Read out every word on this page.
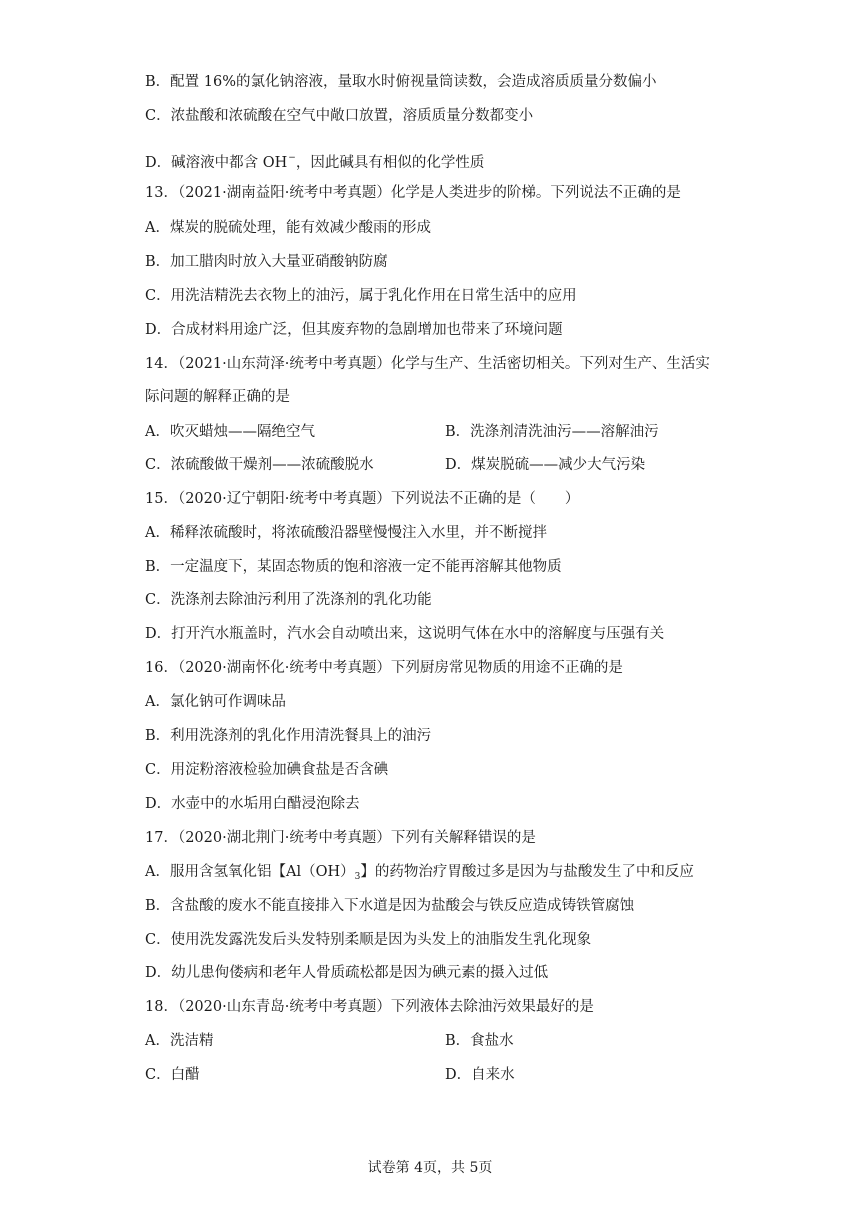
B．配置 16%的氯化钠溶液，量取水时俯视量筒读数，会造成溶质质量分数偏小
C．浓盐酸和浓硫酸在空气中敞口放置，溶质质量分数都变小
D．碱溶液中都含 OH−，因此碱具有相似的化学性质
13．（2021·湖南益阳·统考中考真题）化学是人类进步的阶梯。下列说法不正确的是
A．煤炭的脱硫处理，能有效减少酸雨的形成
B．加工腊肉时放入大量亚硝酸钠防腐
C．用洗洁精洗去衣物上的油污，属于乳化作用在日常生活中的应用
D．合成材料用途广泛，但其废弃物的急剧增加也带来了环境问题
14．（2021·山东菏泽·统考中考真题）化学与生产、生活密切相关。下列对生产、生活实
际问题的解释正确的是
A．吹灭蜡烛——隔绝空气	B．洗涤剂清洗油污——溶解油污
C．浓硫酸做干燥剂——浓硫酸脱水	D．煤炭脱硫——减少大气污染
15．（2020·辽宁朝阳·统考中考真题）下列说法不正确的是（　　）
A．稀释浓硫酸时，将浓硫酸沿器壁慢慢注入水里，并不断搅拌
B．一定温度下，某固态物质的饱和溶液一定不能再溶解其他物质
C．洗涤剂去除油污利用了洗涤剂的乳化功能
D．打开汽水瓶盖时，汽水会自动喷出来，这说明气体在水中的溶解度与压强有关
16．（2020·湖南怀化·统考中考真题）下列厨房常见物质的用途不正确的是
A．氯化钠可作调味品
B．利用洗涤剂的乳化作用清洗餐具上的油污
C．用淀粉溶液检验加碘食盐是否含碘
D．水壶中的水垢用白醋浸泡除去
17．（2020·湖北荆门·统考中考真题）下列有关解释错误的是
A．服用含氢氧化铝【$Al(OH)_3$】的药物治疗胃酸过多是因为与盐酸发生了中和反应
B．含盐酸的废水不能直接排入下水道是因为盐酸会与铁反应造成铸铁管腐蚀
C．使用洗发露洗发后头发特别柔顺是因为头发上的油脂发生乳化现象
D．幼儿患佝偻病和老年人骨质疏松都是因为碘元素的摄入过低
18．（2020·山东青岛·统考中考真题）下列液体去除油污效果最好的是
A．洗洁精	B．食盐水
C．白醋	D．自来水
试卷第 4页，共 5页
